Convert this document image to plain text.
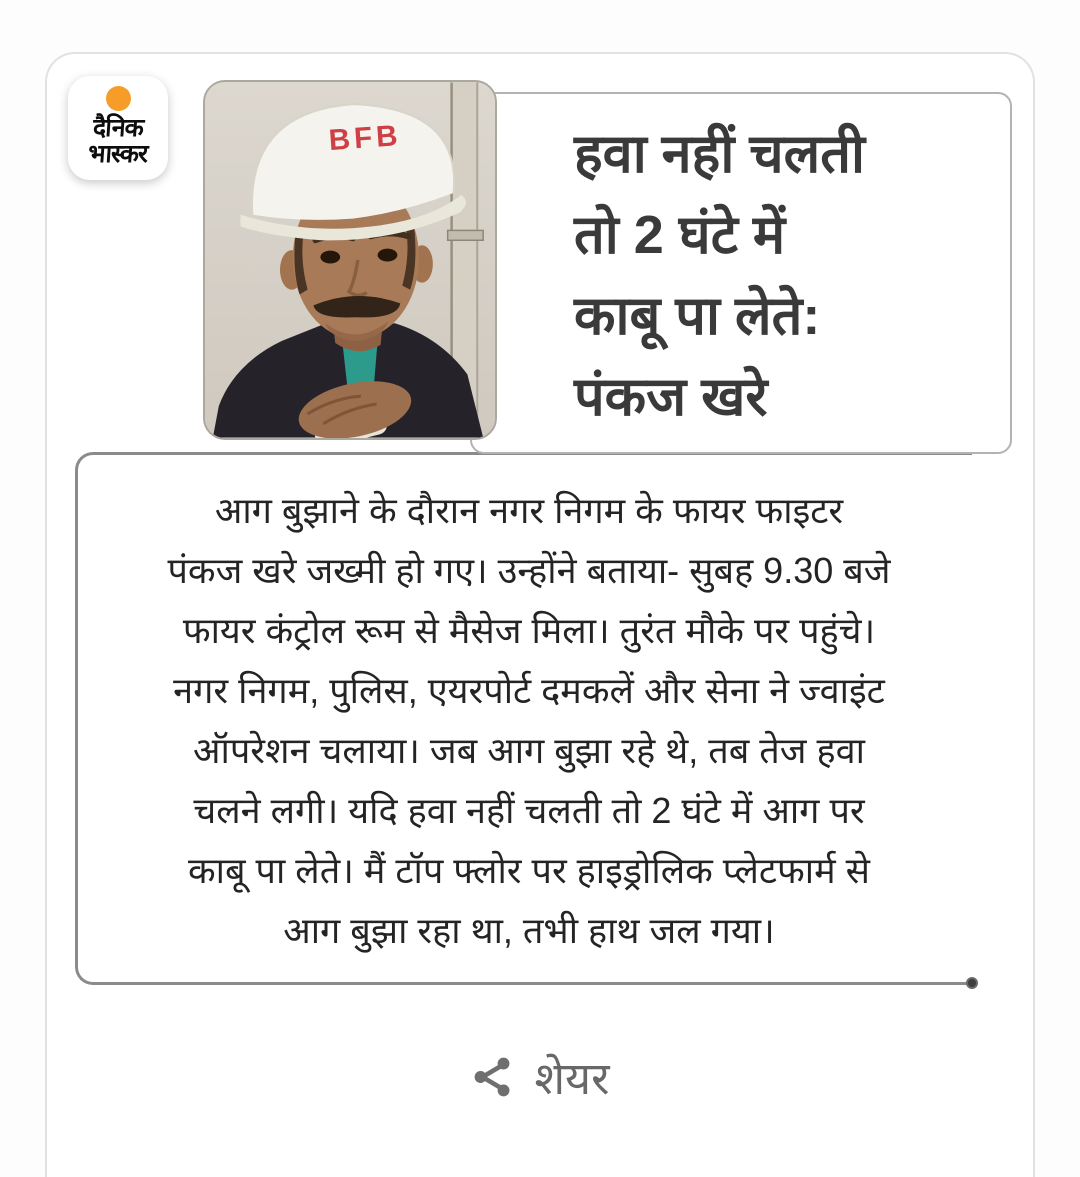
दैनिक
भास्कर	हवा नहीं चलती
तो 2 घंटे में
काबू पा लेते:
पंकज खरे
BFB
आग बुझाने के दौरान नगर निगम के फायर फाइटर
पंकज खरे जख्मी हो गए। उन्होंने बताया- सुबह 9.30 बजे
फायर कंट्रोल रूम से मैसेज मिला। तुरंत मौके पर पहुंचे।
नगर निगम, पुलिस, एयरपोर्ट दमकलें और सेना ने ज्वाइंट
ऑपरेशन चलाया। जब आग बुझा रहे थे, तब तेज हवा
चलने लगी। यदि हवा नहीं चलती तो 2 घंटे में आग पर
काबू पा लेते। मैं टॉप फ्लोर पर हाइड्रोलिक प्लेटफार्म से
आग बुझा रहा था, तभी हाथ जल गया।
शेयर
